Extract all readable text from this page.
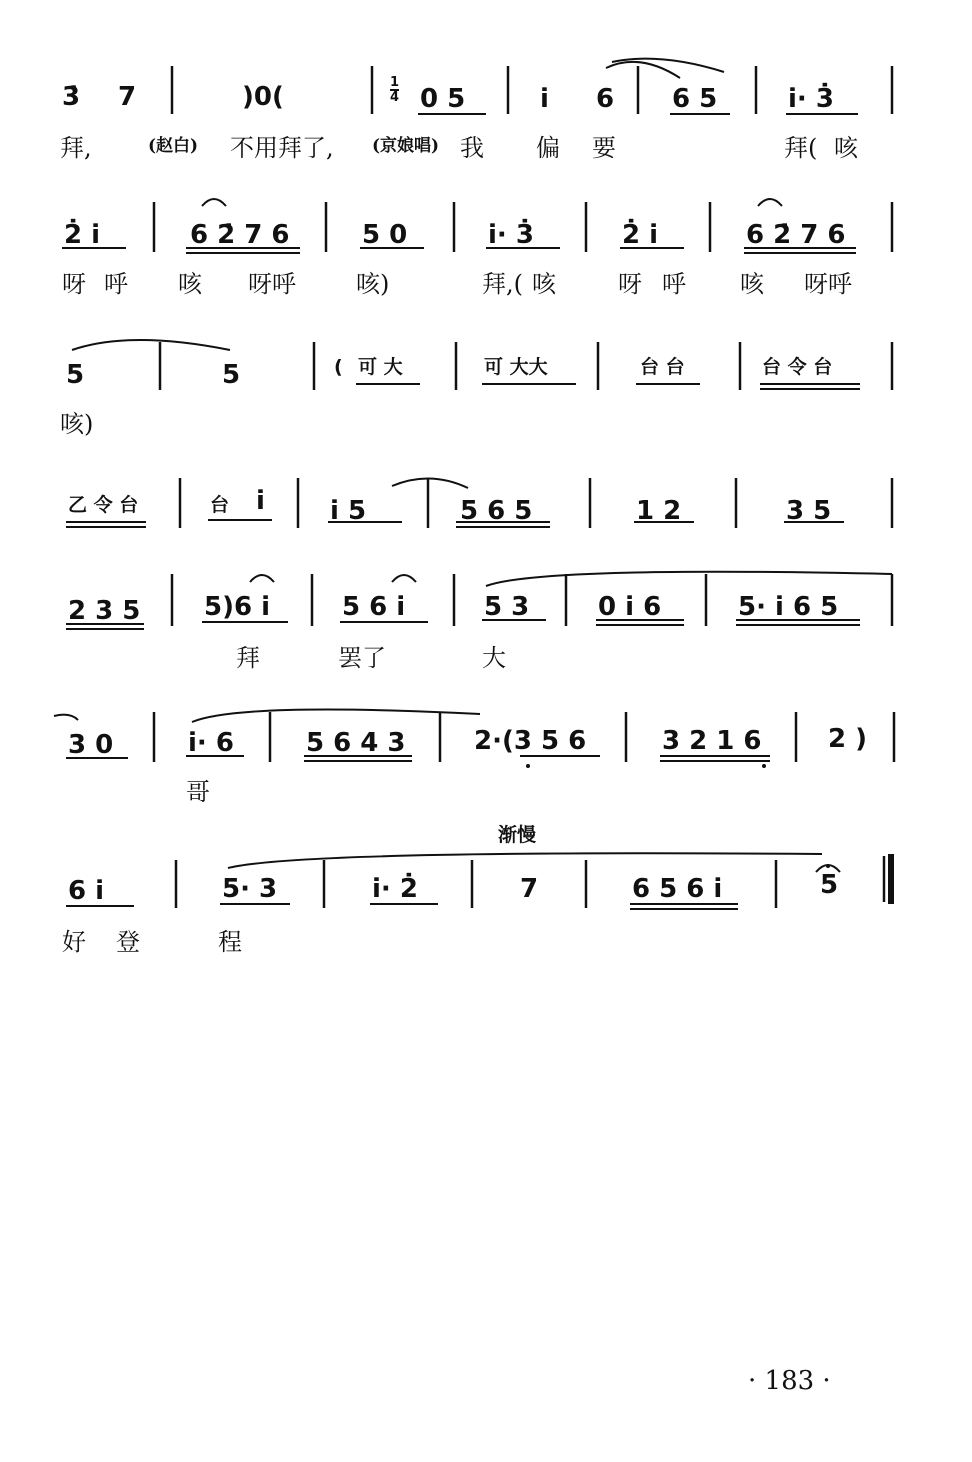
$\frac{1}{4}$
3̇ 7	)0(	0 5	i̇ 6 6 5	i̇· 3̇
拜,	(赵白) 不用拜了, (京娘唱) 我 偏 要	拜( 咳
2̇ i̇	6 2̇ 7 6	5 0	i̇· 3̇	2̇ i̇	6 2̇ 7 6
呀 呼 咳 呀呼	咳)	拜,( 咳	呀 呼 咳 呀呼
5	5	( 可 大	可 大大	台 台	台 令 台
咳)
i̇	i̇ 5	5 6 5	1 2	3 5
乙 令 台	台
2 3 5 5)6 i̇	5 6 i̇	5 3	0 i̇ 6	5· i̇ 6 5
拜	罢了	大
3 0	i̇· 6	5 6 4 3	2·(3 5 6	3 2 1 6	2 )
哥
6 i̇	5· 3	i̇· 2̇	7	6 5 6 i̇	5
好 登	程
渐慢
· 183 ·
